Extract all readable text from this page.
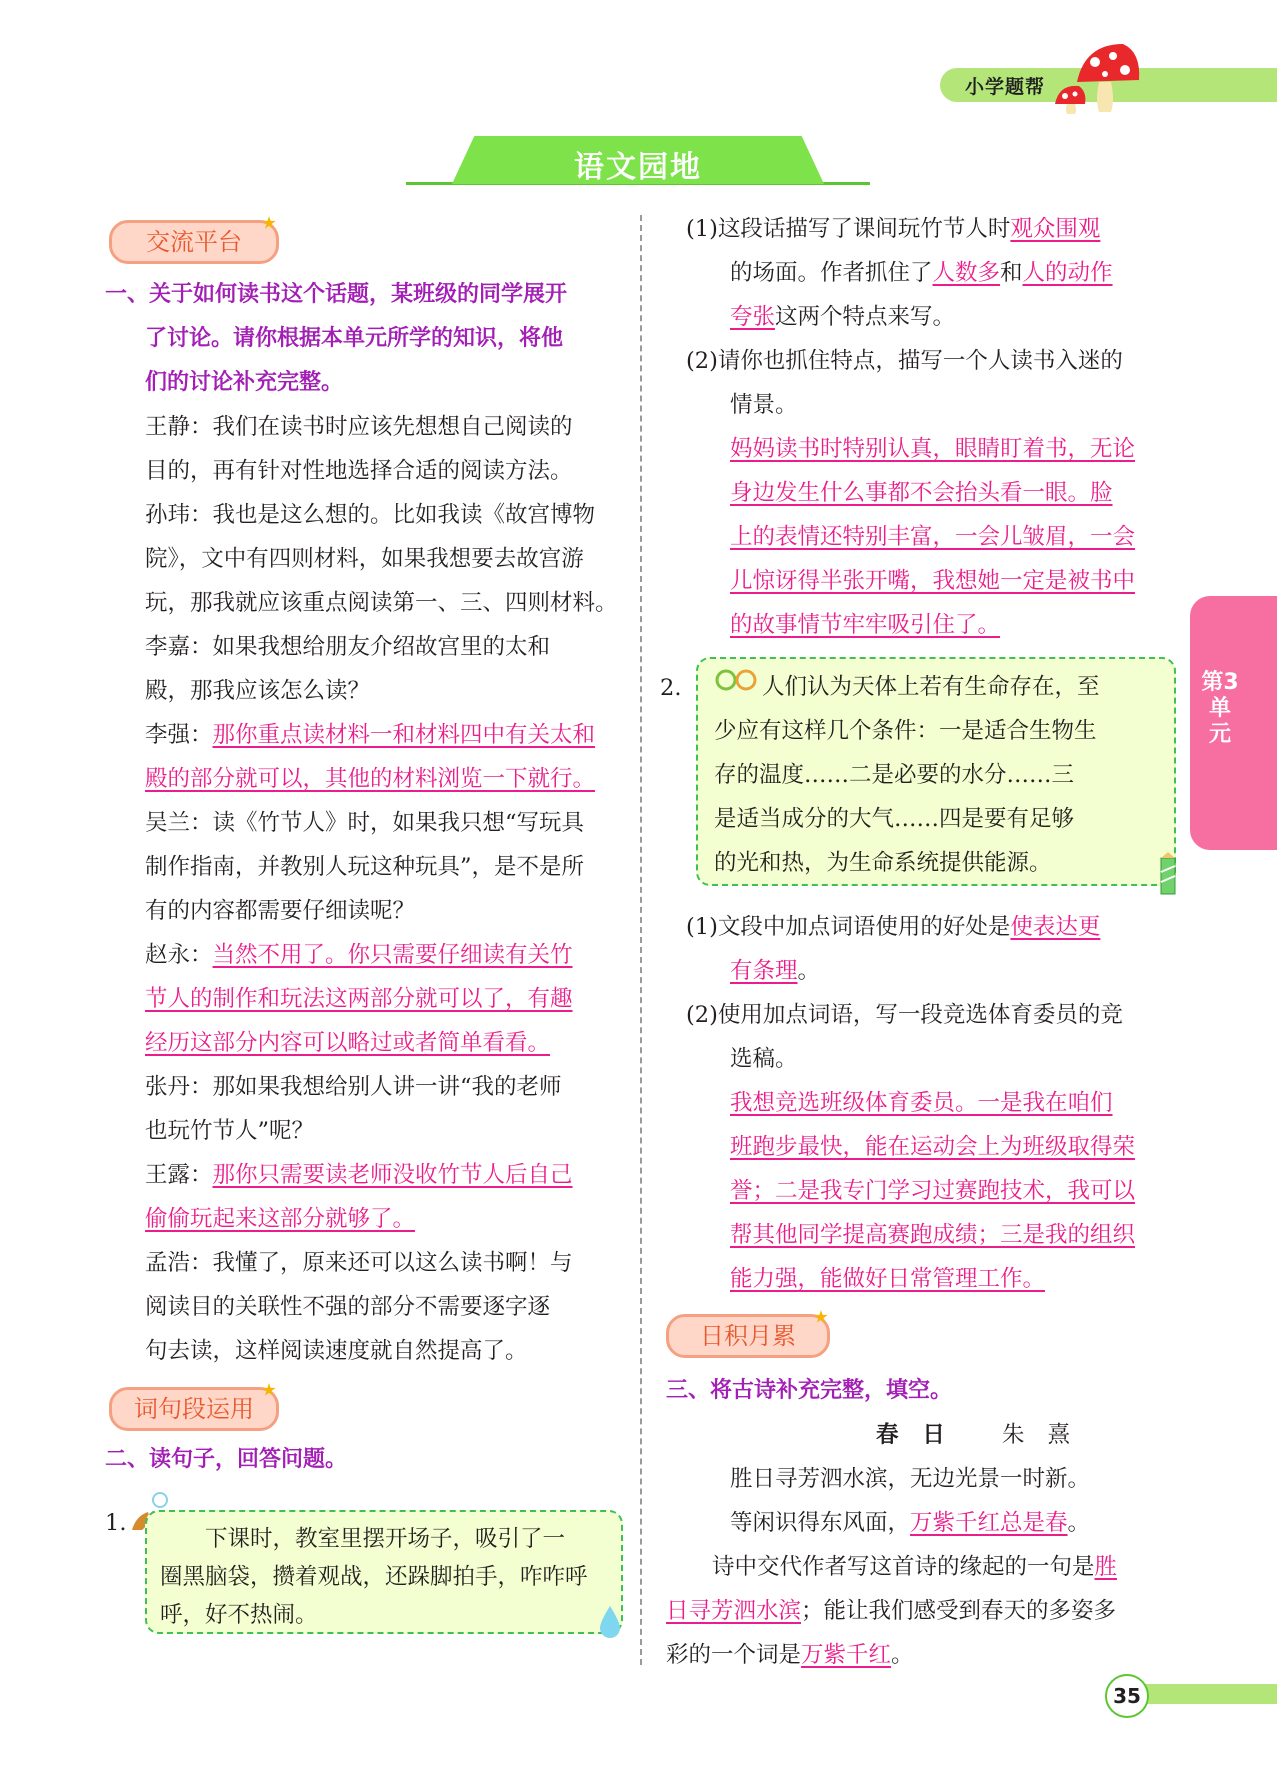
小学题帮
语文园地
交流平台
一、关于如何读书这个话题，某班级的同学展开
了讨论。请你根据本单元所学的知识，将他
们的讨论补充完整。
王静：我们在读书时应该先想想自己阅读的
目的，再有针对性地选择合适的阅读方法。
孙玮：我也是这么想的。比如我读《故宫博物
院》，文中有四则材料，如果我想要去故宫游
玩，那我就应该重点阅读第一、三、四则材料。
李嘉：如果我想给朋友介绍故宫里的太和
殿，那我应该怎么读？
李强：那你重点读材料一和材料四中有关太和
殿的部分就可以，其他的材料浏览一下就行。
吴兰：读《竹节人》时，如果我只想“写玩具
制作指南，并教别人玩这种玩具”，是不是所
有的内容都需要仔细读呢？
赵永：当然不用了。你只需要仔细读有关竹
节人的制作和玩法这两部分就可以了，有趣
经历这部分内容可以略过或者简单看看。
张丹：那如果我想给别人讲一讲“我的老师
也玩竹节人”呢？
王露：那你只需要读老师没收竹节人后自己
偷偷玩起来这部分就够了。
孟浩：我懂了，原来还可以这么读书啊！与
阅读目的关联性不强的部分不需要逐字逐
句去读，这样阅读速度就自然提高了。
词句段运用
二、读句子，回答问题。
1.
下课时，教室里摆开场子，吸引了一
圈黑脑袋，攒着观战，还跺脚拍手，咋咋呼
呼，好不热闹。
(1)这段话描写了课间玩竹节人时观众围观
的场面。作者抓住了人数多和人的动作
夸张这两个特点来写。
(2)请你也抓住特点，描写一个人读书入迷的
情景。
妈妈读书时特别认真，眼睛盯着书，无论
身边发生什么事都不会抬头看一眼。脸
上的表情还特别丰富，一会儿皱眉，一会
儿惊讶得半张开嘴，我想她一定是被书中
的故事情节牢牢吸引住了。
2.	人们认为天体上若有生命存在，至
少应有这样几个条件：一是适合生物生
存的温度……二是必要的水分……三
是适当成分的大气……四是要有足够
的光和热，为生命系统提供能源。
(1)文段中加点词语使用的好处是使表达更
有条理。
(2)使用加点词语，写一段竞选体育委员的竞
选稿。
我想竞选班级体育委员。一是我在咱们
班跑步最快，能在运动会上为班级取得荣
誉；二是我专门学习过赛跑技术，我可以
帮其他同学提高赛跑成绩；三是我的组织
能力强，能做好日常管理工作。
日积月累
三、将古诗补充完整，填空。
春 日 朱 熹
胜日寻芳泗水滨，无边光景一时新。
等闲识得东风面，万紫千红总是春。
诗中交代作者写这首诗的缘起的一句是胜
日寻芳泗水滨；能让我们感受到春天的多姿多
彩的一个词是万紫千红。
第3单元
35
